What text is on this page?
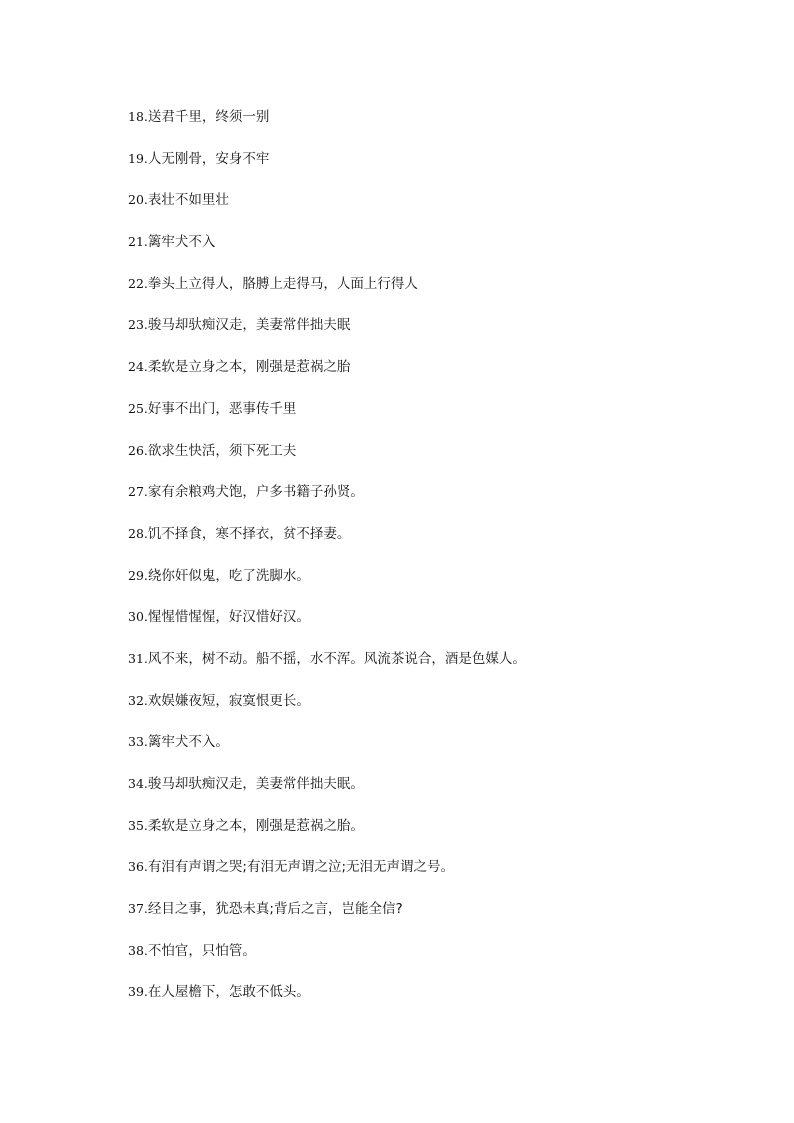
18.送君千里，终须一别
19.人无刚骨，安身不牢
20.表壮不如里壮
21.篱牢犬不入
22.拳头上立得人，胳膊上走得马，人面上行得人
23.骏马却驮痴汉走，美妻常伴拙夫眠
24.柔软是立身之本，刚强是惹祸之胎
25.好事不出门，恶事传千里
26.欲求生快活，须下死工夫
27.家有余粮鸡犬饱，户多书籍子孙贤。
28.饥不择食，寒不择衣，贫不择妻。
29.绕你奸似鬼，吃了洗脚水。
30.惺惺惜惺惺，好汉惜好汉。
31.风不来，树不动。船不摇，水不浑。风流茶说合，酒是色媒人。
32.欢娱嫌夜短，寂寞恨更长。
33.篱牢犬不入。
34.骏马却驮痴汉走，美妻常伴拙夫眠。
35.柔软是立身之本，刚强是惹祸之胎。
36.有泪有声谓之哭;有泪无声谓之泣;无泪无声谓之号。
37.经目之事，犹恐未真;背后之言，岂能全信?
38.不怕官，只怕管。
39.在人屋檐下，怎敢不低头。
